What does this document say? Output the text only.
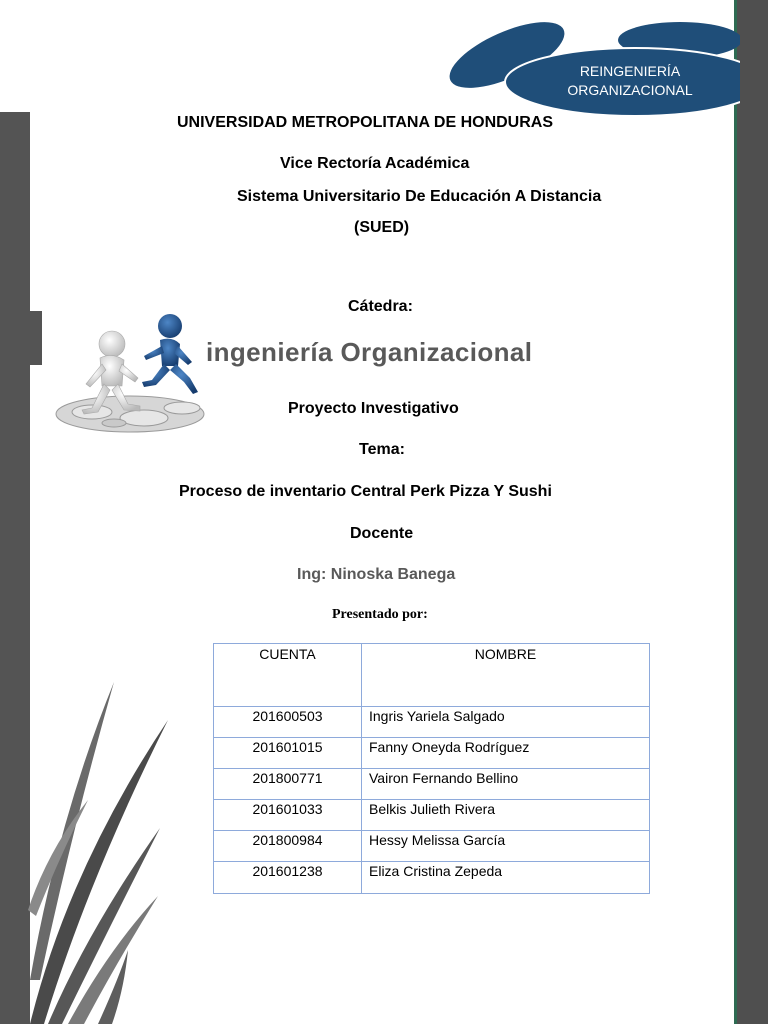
REINGENIERÍA
ORGANIZACIONAL
UNIVERSIDAD METROPOLITANA DE HONDURAS
Vice Rectoría Académica
Sistema Universitario De Educación A Distancia
(SUED)
Cátedra:
ingeniería Organizacional
Proyecto Investigativo
Tema:
Proceso de inventario Central Perk Pizza Y Sushi
Docente
Ing: Ninoska Banega
Presentado por:
CUENTA	NOMBRE
201600503	Ingris Yariela Salgado
201601015	Fanny Oneyda Rodríguez
201800771	Vairon Fernando Bellino
201601033	Belkis Julieth Rivera
201800984	Hessy Melissa García
201601238	Eliza Cristina Zepeda
